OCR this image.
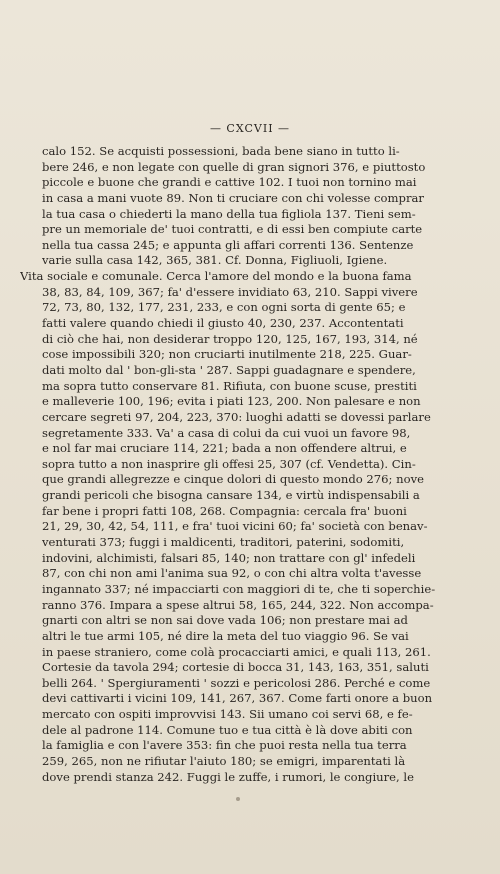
— CXCVII —
calo 152. Se acquisti possessioni, bada bene siano in tutto li-
bere 246, e non legate con quelle di gran signori 376, e piuttosto
piccole e buone che grandi e cattive 102. I tuoi non tornino mai
in casa a mani vuote 89. Non ti cruciare con chi volesse comprar
la tua casa o chiederti la mano della tua figliola 137. Tieni sem-
pre un memoriale de' tuoi contratti, e di essi ben compiute carte
nella tua cassa 245; e appunta gli affari correnti 136. Sentenze
varie sulla casa 142, 365, 381. Cf. Donna, Figliuoli, Igiene.
Vita sociale e comunale. Cerca l'amore del mondo e la buona fama
38, 83, 84, 109, 367; fa' d'essere invidiato 63, 210. Sappi vivere
72, 73, 80, 132, 177, 231, 233, e con ogni sorta di gente 65; e
fatti valere quando chiedi il giusto 40, 230, 237. Accontentati
di ciò che hai, non desiderar troppo 120, 125, 167, 193, 314, né
cose impossibili 320; non cruciarti inutilmente 218, 225. Guar-
dati molto dal ' bon-gli-sta ' 287. Sappi guadagnare e spendere,
ma sopra tutto conservare 81. Rifiuta, con buone scuse, prestiti
e malleverie 100, 196; evita i piati 123, 200. Non palesare e non
cercare segreti 97, 204, 223, 370: luoghi adatti se dovessi parlare
segretamente 333. Va' a casa di colui da cui vuoi un favore 98,
e nol far mai cruciare 114, 221; bada a non offendere altrui, e
sopra tutto a non inasprire gli offesi 25, 307 (cf. Vendetta). Cin-
que grandi allegrezze e cinque dolori di questo mondo 276; nove
grandi pericoli che bisogna cansare 134, e virtù indispensabili a
far bene i propri fatti 108, 268. Compagnia: cercala fra' buoni
21, 29, 30, 42, 54, 111, e fra' tuoi vicini 60; fa' società con benav-
venturati 373; fuggi i maldicenti, traditori, paterini, sodomiti,
indovini, alchimisti, falsari 85, 140; non trattare con gl' infedeli
87, con chi non ami l'anima sua 92, o con chi altra volta t'avesse
ingannato 337; né impacciarti con maggiori di te, che ti soperchie-
ranno 376. Impara a spese altrui 58, 165, 244, 322. Non accompa-
gnarti con altri se non sai dove vada 106; non prestare mai ad
altri le tue armi 105, né dire la meta del tuo viaggio 96. Se vai
in paese straniero, come colà procacciarti amici, e quali 113, 261.
Cortesie da tavola 294; cortesie di bocca 31, 143, 163, 351, saluti
belli 264. ' Spergiuramenti ' sozzi e pericolosi 286. Perché e come
devi cattivarti i vicini 109, 141, 267, 367. Come farti onore a buon
mercato con ospiti improvvisi 143. Sii umano coi servi 68, e fe-
dele al padrone 114. Comune tuo e tua città è là dove abiti con
la famiglia e con l'avere 353: fin che puoi resta nella tua terra
259, 265, non ne rifiutar l'aiuto 180; se emigri, imparentati là
dove prendi stanza 242. Fuggi le zuffe, i rumori, le congiure, le
